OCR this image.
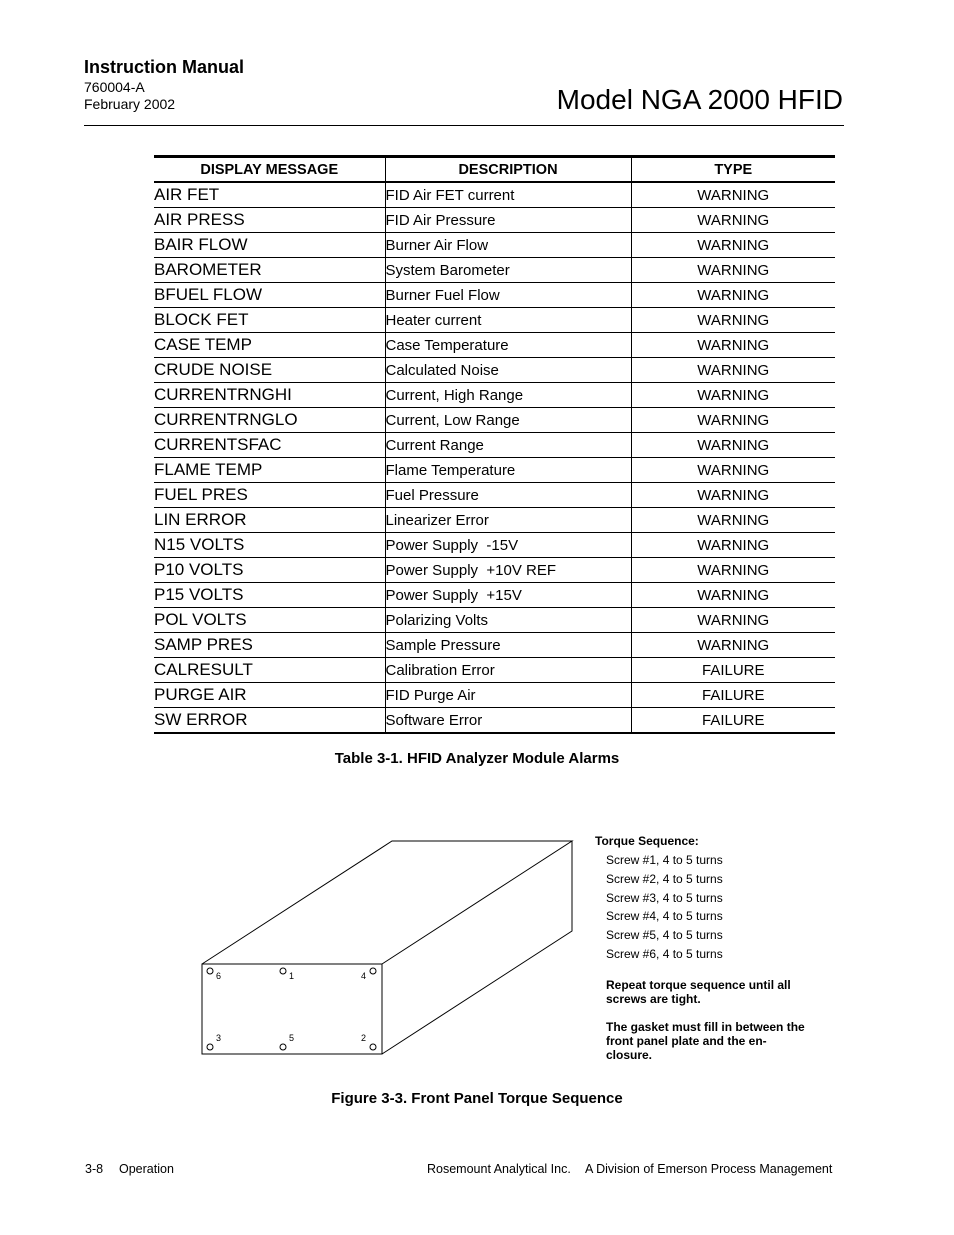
Instruction Manual
760004-A
February 2002	Model NGA 2000 HFID
DISPLAY MESSAGE	DESCRIPTION	TYPE
AIR FET	FID Air FET current	WARNING
AIR PRESS	FID Air Pressure	WARNING
BAIR FLOW	Burner Air Flow	WARNING
BAROMETER	System Barometer	WARNING
BFUEL FLOW	Burner Fuel Flow	WARNING
BLOCK FET	Heater current	WARNING
CASE TEMP	Case Temperature	WARNING
CRUDE NOISE	Calculated Noise	WARNING
CURRENTRNGHI	Current, High Range	WARNING
CURRENTRNGLO	Current, Low Range	WARNING
CURRENTSFAC	Current Range	WARNING
FLAME TEMP	Flame Temperature	WARNING
FUEL PRES	Fuel Pressure	WARNING
LIN ERROR	Linearizer Error	WARNING
N15 VOLTS	Power Supply  -15V	WARNING
P10 VOLTS	Power Supply  +10V REF	WARNING
P15 VOLTS	Power Supply  +15V	WARNING
POL VOLTS	Polarizing Volts	WARNING
SAMP PRES	Sample Pressure	WARNING
CALRESULT	Calibration Error	FAILURE
PURGE AIR	FID Purge Air	FAILURE
SW ERROR	Software Error	FAILURE
Table 3-1. HFID Analyzer Module Alarms
6	1	4
3	5	2
Torque Sequence:
Screw #1, 4 to 5 turns
Screw #2, 4 to 5 turns
Screw #3, 4 to 5 turns
Screw #4, 4 to 5 turns
Screw #5, 4 to 5 turns
Screw #6, 4 to 5 turns
Repeat torque sequence until all screws are tight.
The gasket must fill in between the front panel plate and the en-closure.
Figure 3-3. Front Panel Torque Sequence
3-8 Operation	Rosemount Analytical Inc. A Division of Emerson Process Management
